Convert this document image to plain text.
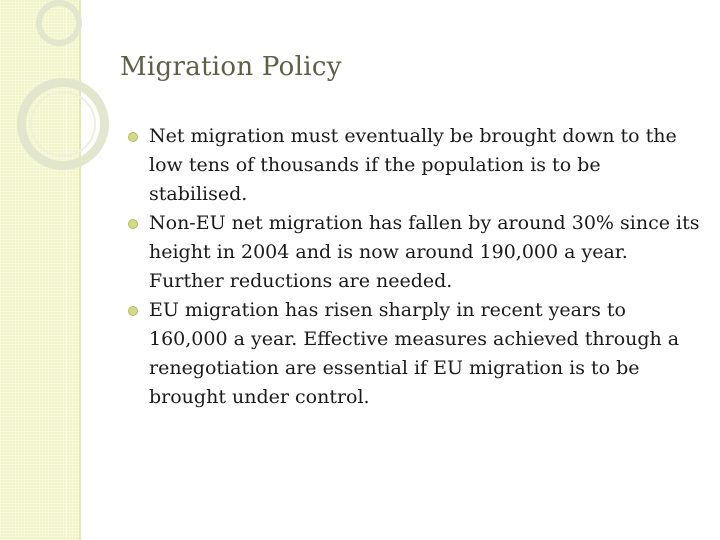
Migration Policy
Net migration must eventually be brought down to the low tens of thousands if the population is to be stabilised.
Non-EU net migration has fallen by around 30% since its height in 2004 and is now around 190,000 a year. Further reductions are needed.
EU migration has risen sharply in recent years to 160,000 a year. Effective measures achieved through a renegotiation are essential if EU migration is to be brought under control.
